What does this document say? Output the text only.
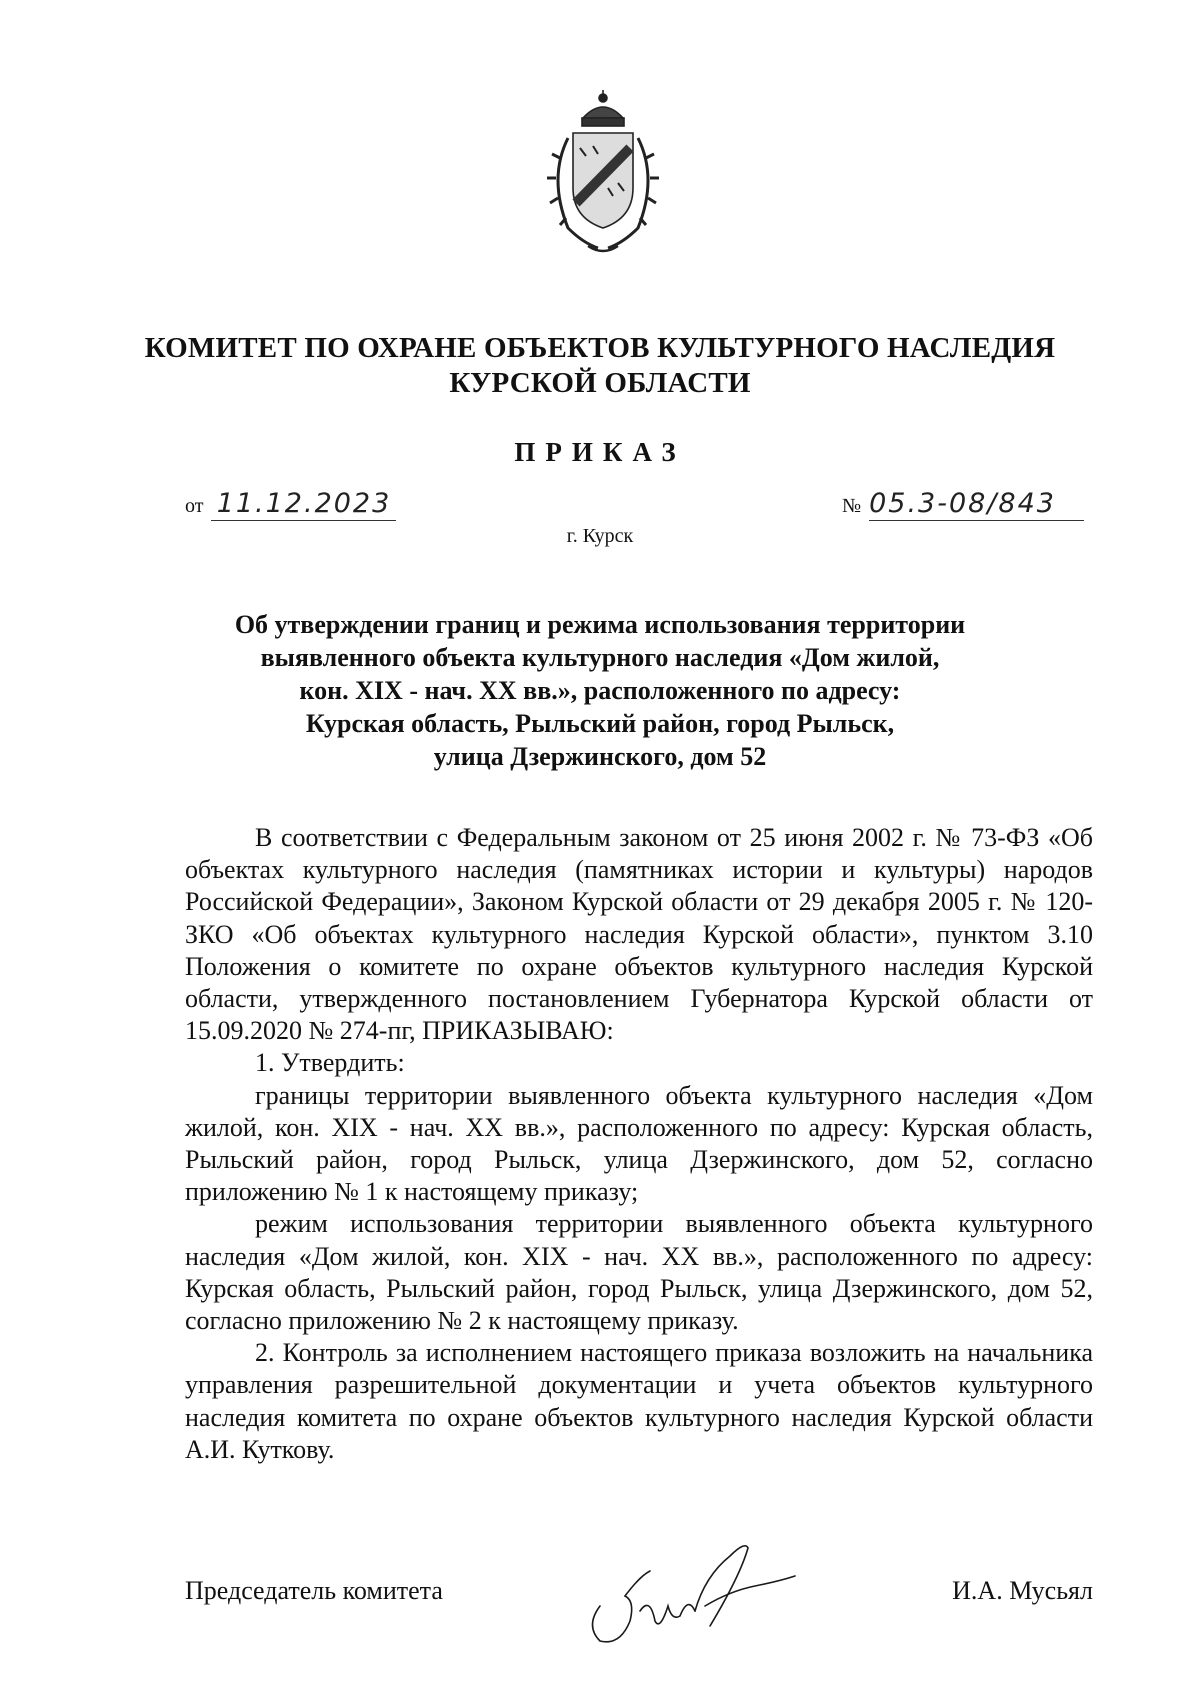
КОМИТЕТ ПО ОХРАНЕ ОБЪЕКТОВ КУЛЬТУРНОГО НАСЛЕДИЯ
КУРСКОЙ ОБЛАСТИ
ПРИКАЗ
от 11.12.2023	№ 05.3-08/843
г. Курск
Об утверждении границ и режима использования территории
выявленного объекта культурного наследия «Дом жилой,
кон. XIX - нач. XX вв.», расположенного по адресу:
Курская область, Рыльский район, город Рыльск,
улица Дзержинского, дом 52

В соответствии с Федеральным законом от 25 июня 2002 г. № 73-ФЗ «Об объектах культурного наследия (памятниках истории и культуры) народов Российской Федерации», Законом Курской области от 29 декабря 2005 г. № 120-ЗКО «Об объектах культурного наследия Курской области», пунктом 3.10 Положения о комитете по охране объектов культурного наследия Курской области, утвержденного постановлением Губернатора Курской области от 15.09.2020 № 274-пг, ПРИКАЗЫВАЮ:

1. Утвердить:

границы территории выявленного объекта культурного наследия «Дом жилой, кон. XIX - нач. XX вв.», расположенного по адресу: Курская область, Рыльский район, город Рыльск, улица Дзержинского, дом 52, согласно приложению № 1 к настоящему приказу;

режим использования территории выявленного объекта культурного наследия «Дом жилой, кон. XIX - нач. XX вв.», расположенного по адресу: Курская область, Рыльский район, город Рыльск, улица Дзержинского, дом 52, согласно приложению № 2 к настоящему приказу.

2. Контроль за исполнением настоящего приказа возложить на начальника управления разрешительной документации и учета объектов культурного наследия комитета по охране объектов культурного наследия Курской области А.И. Куткову.

Председатель комитета	И.А. Мусьял
